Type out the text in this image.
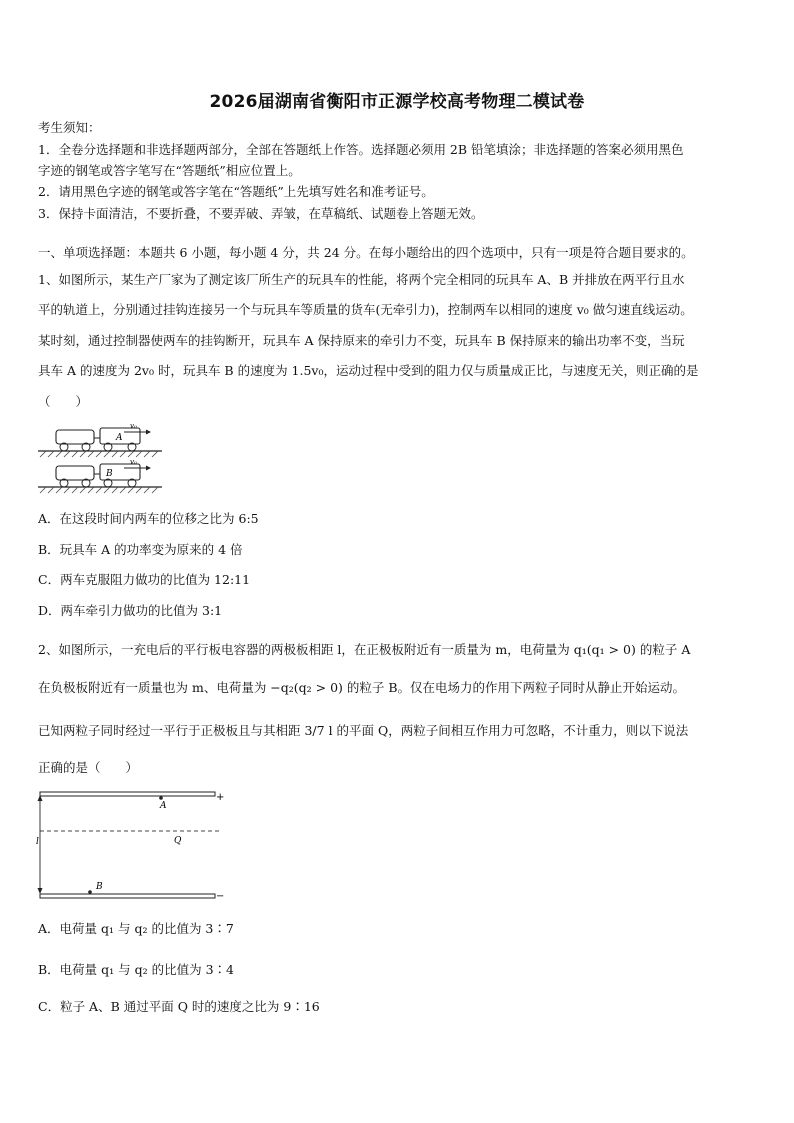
2026届湖南省衡阳市正源学校高考物理二模试卷
考生须知：
1．全卷分选择题和非选择题两部分，全部在答题纸上作答。选择题必须用 2B 铅笔填涂；非选择题的答案必须用黑色
字迹的钢笔或答字笔写在“答题纸”相应位置上。
2．请用黑色字迹的钢笔或答字笔在“答题纸”上先填写姓名和准考证号。
3．保持卡面清洁，不要折叠，不要弄破、弄皱，在草稿纸、试题卷上答题无效。
一、单项选择题：本题共 6 小题，每小题 4 分，共 24 分。在每小题给出的四个选项中，只有一项是符合题目要求的。
1、如图所示，某生产厂家为了测定该厂所生产的玩具车的性能，将两个完全相同的玩具车 A、B 并排放在两平行且水
平的轨道上，分别通过挂钩连接另一个与玩具车等质量的货车(无牵引力)，控制两车以相同的速度 v₀ 做匀速直线运动。
某时刻，通过控制器使两车的挂钩断开，玩具车 A 保持原来的牵引力不变，玩具车 B 保持原来的输出功率不变，当玩
具车 A 的速度为 2v₀ 时，玩具车 B 的速度为 1.5v₀，运动过程中受到的阻力仅与质量成正比，与速度无关，则正确的是
（　　）
A
v₀
B
v₀
A．在这段时间内两车的位移之比为 6:5
B．玩具车 A 的功率变为原来的 4 倍
C．两车克服阻力做功的比值为 12:11
D．两车牵引力做功的比值为 3:1
2、如图所示，一充电后的平行板电容器的两极板相距 l，在正极板附近有一质量为 m，电荷量为 q₁(q₁ > 0) 的粒子 A
在负极板附近有一质量也为 m、电荷量为 −q₂(q₂ > 0) 的粒子 B。仅在电场力的作用下两粒子同时从静止开始运动。
已知两粒子同时经过一平行于正极板且与其相距 3/7 l 的平面 Q，两粒子间相互作用力可忽略，不计重力，则以下说法
正确的是（　　）
+
A
Q
l
−
B
A．电荷量 q₁ 与 q₂ 的比值为 3∶7
B．电荷量 q₁ 与 q₂ 的比值为 3∶4
C．粒子 A、B 通过平面 Q 时的速度之比为 9∶16
